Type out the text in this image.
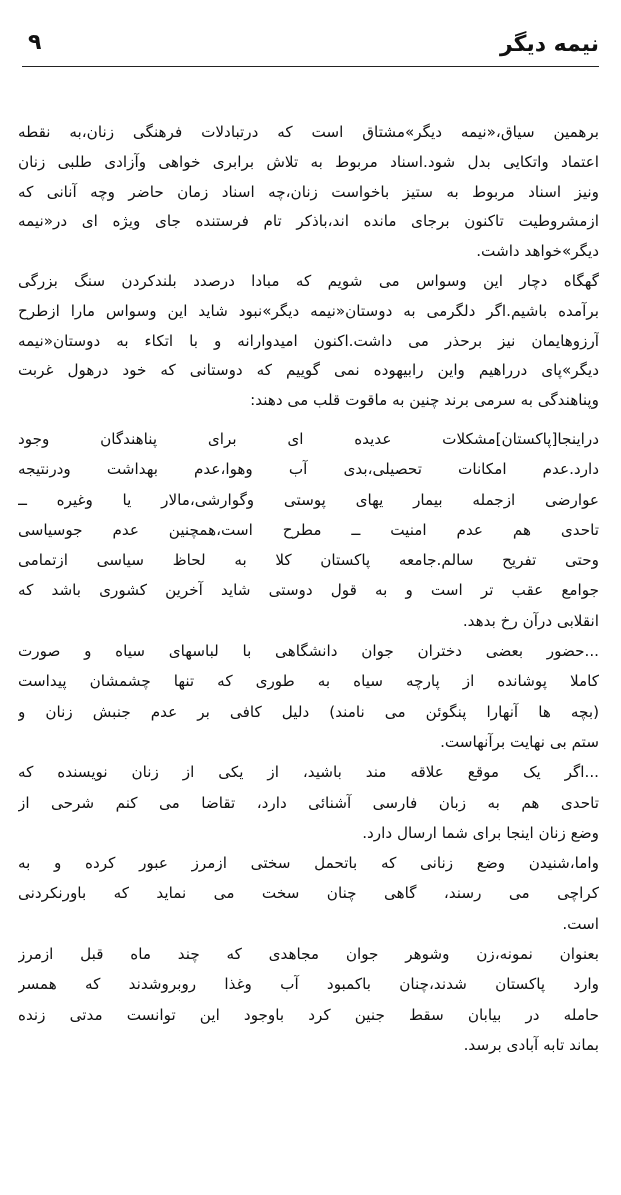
نیمه دیگر
۹
برهمین سیاق،«نیمه دیگر»مشتاق است که درتبادلات فرهنگی زنان،به نقطه
اعتماد واتکایی بدل شود.اسناد مربوط به تلاش برابری خواهی وآزادی طلبی زنان
ونیز اسناد مربوط به ستیز باخواست زنان،چه اسناد زمان حاضر وچه آنانی که
ازمشروطیت تاکنون برجای مانده اند،باذکر تام فرستنده جای ویژه ای در«نیمه
دیگر»خواهد داشت.
گهگاه دچار این وسواس می شویم که مبادا درصدد بلندکردن سنگ بزرگی
برآمده باشیم.اگر دلگرمی به دوستان«نیمه دیگر»نبود شاید این وسواس مارا ازطرح
آرزوهایمان نیز برحذر می داشت.اکنون امیدوارانه و با اتکاء به دوستان«نیمه
دیگر»پای درراهیم واین رابیهوده نمی گوییم که دوستانی که خود درهول غربت
وپناهندگی به سرمی برند چنین به ماقوت قلب می دهند:
دراینجا[پاکستان]مشکلات عدیده ای برای پناهندگان وجود
دارد.عدم امکانات تحصیلی،بدی آب وهوا،عدم بهداشت ودرنتیجه
عوارضی ازجمله بیمار یهای پوستی وگوارشی،مالار یا وغیره ــ
تاحدی هم عدم امنیت ــ مطرح است،همچنین عدم جوسیاسی
وحتی تفریح سالم.جامعه پاکستان کلا به لحاظ سیاسی ازتمامی
جوامع عقب تر است و به قول دوستی شاید آخرین کشوری باشد که
انقلابی درآن رخ بدهد.
...حضور بعضی دختران جوان دانشگاهی با لباسهای سیاه و صورت
کاملا پوشانده از پارچه سیاه به طوری که تنها چشمشان پیداست
(بچه ها آنهارا پنگوئن می نامند) دلیل کافی بر عدم جنبش زنان و
ستم بی نهایت برآنهاست.
...اگر یک موقع علاقه مند باشید، از یکی از زنان نویسنده که
تاحدی هم به زبان فارسی آشنائی دارد، تقاضا می کنم شرحی از
وضع زنان اینجا برای شما ارسال دارد.
واما،شنیدن وضع زنانی که باتحمل سختی ازمرز عبور کرده و به
کراچی می رسند، گاهی چنان سخت می نماید که باورنکردنی
است.
بعنوان نمونه،زن وشوهر جوان مجاهدی که چند ماه قبل ازمرز
وارد پاکستان شدند،چنان باکمبود آب وغذا روبروشدند که همسر
حامله در بیابان سقط جنین کرد باوجود این توانست مدتی زنده
بماند تابه آبادی برسد.
